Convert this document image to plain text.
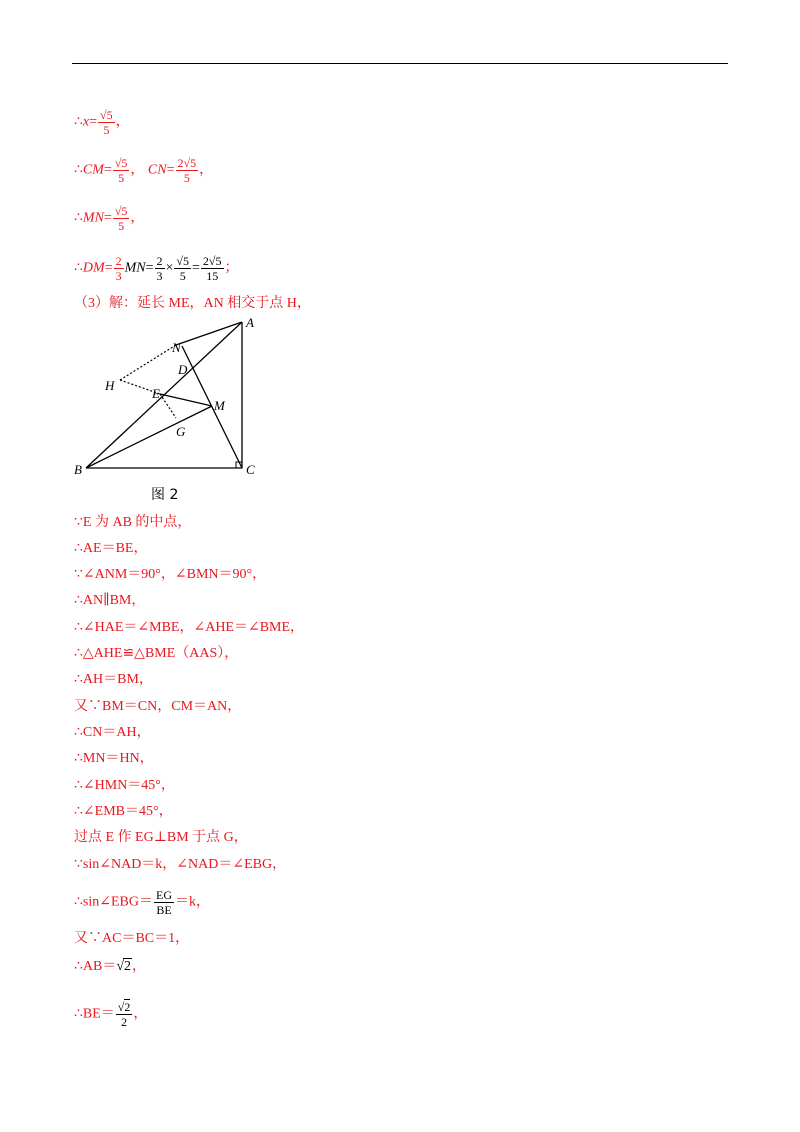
∴x= $\frac{√5}{5}$ ，
∴CM= $\frac{√5}{5}$ ， $CN= \frac{2√5}{5}$ ，
∴MN= $\frac{√5}{5}$ ，
∴DM= $\frac{2}{3} MN= \frac{2}{3} \times \frac{√5}{5} = \frac{2√5}{15}$ ；
（3）解：延长 ME，AN 相交于点 H，
A
B	C
D
E
G
H
M
N
图 2
∵E 为 AB 的中点，
∴AE＝BE，
∵∠ANM＝90°，∠BMN＝90°，
∴AN∥BM，
∴∠HAE＝∠MBE，∠AHE＝∠BME，
∴△AHE≌△BME（AAS），
∴AH＝BM，
又∵BM＝CN，CM＝AN，
∴CN＝AH，
∴MN＝HN，
∴∠HMN＝45°，
∴∠EMB＝45°，
过点 E 作 EG⊥BM 于点 G，
∵sin∠NAD＝k，∠NAD＝∠EBG，
∴sin∠EBG＝ $\frac{EG}{BE} =k$，
又∵AC＝BC＝1，
∴AB＝√2，
∴BE＝ $\frac{√2}{2}$ ，
